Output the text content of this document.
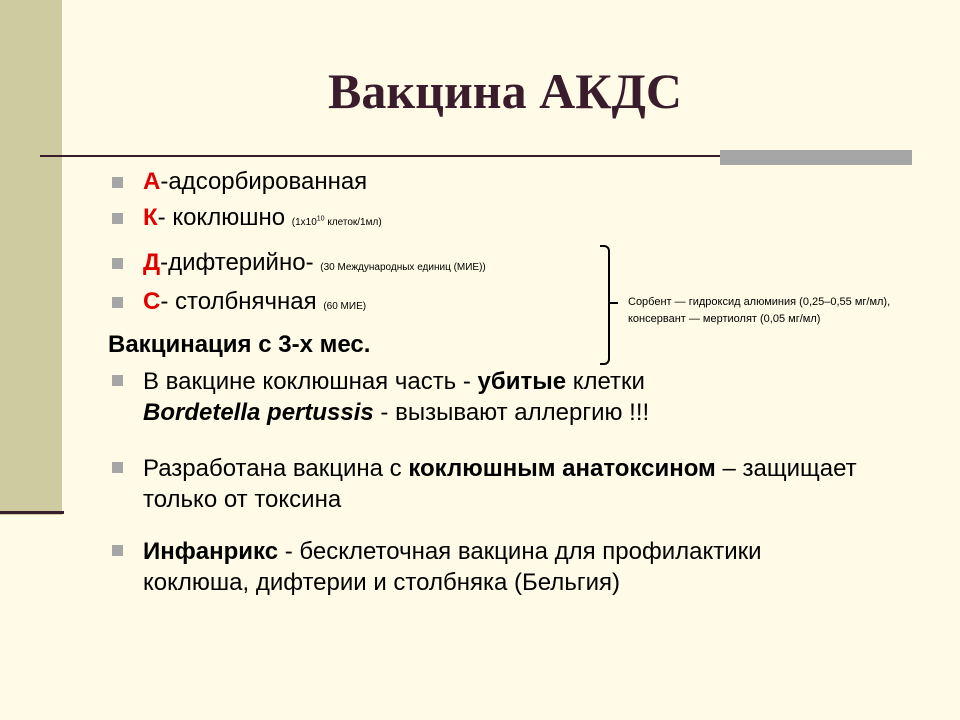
Вакцина АКДС
А-адсорбированная
К- коклюшно ($1х10^{10}$ клеток/1мл)
Д-дифтерийно- (30 Международных единиц (МИЕ))
С- столбнячная (60 МИЕ)	Сорбент — гидроксид алюминия (0,25–0,55 мг/мл),
консервант — мертиолят (0,05 мг/мл)
Вакцинация с 3-х мес.
В вакцине коклюшная часть - убитые клетки
Bordetella pertussis - вызывают аллергию !!!
Разработана вакцина с коклюшным анатоксином – защищает только от токсина
Инфанрикс - бесклеточная вакцина для профилактики коклюша, дифтерии и столбняка (Бельгия)
